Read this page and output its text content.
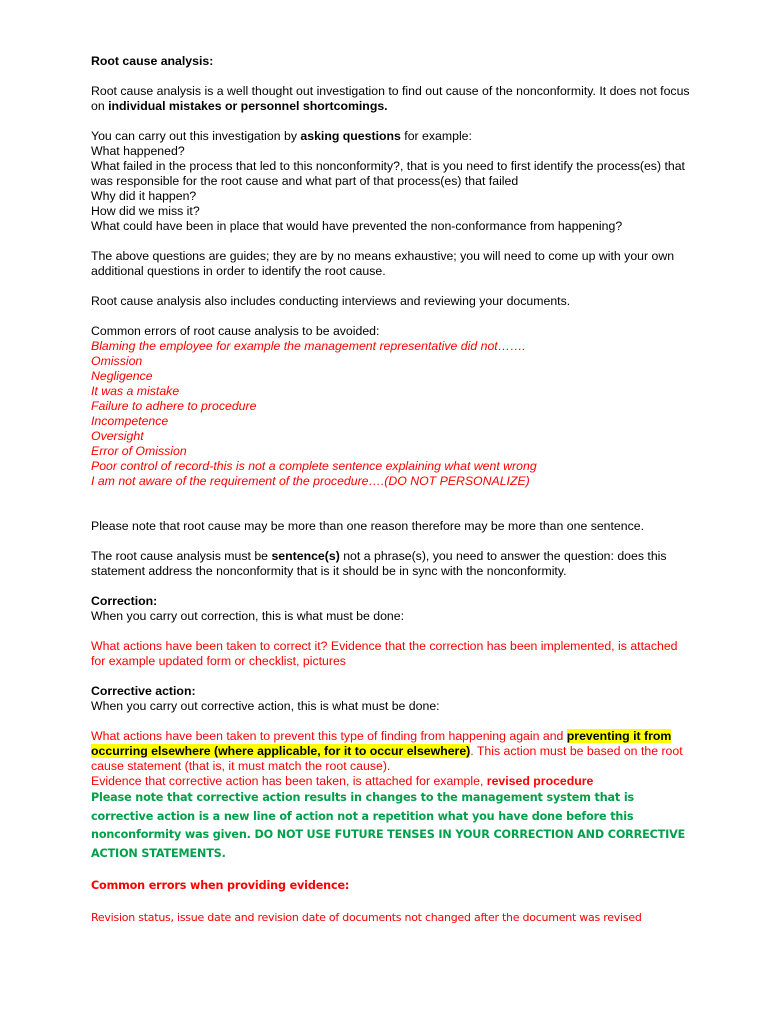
Root cause analysis:

Root cause analysis is a well thought out investigation to find out cause of the nonconformity. It does not focus on individual mistakes or personnel shortcomings.

You can carry out this investigation by asking questions for example:

What happened?

What failed in the process that led to this nonconformity?, that is you need to first identify the process(es) that was responsible for the root cause and what part of that process(es) that failed

Why did it happen?

How did we miss it?

What could have been in place that would have prevented the non-conformance from happening?

The above questions are guides; they are by no means exhaustive; you will need to come up with your own additional questions in order to identify the root cause.

Root cause analysis also includes conducting interviews and reviewing your documents.

Common errors of root cause analysis to be avoided:

Blaming the employee for example the management representative did not…….

Omission

Negligence

It was a mistake

Failure to adhere to procedure

Incompetence

Oversight

Error of Omission

Poor control of record-this is not a complete sentence explaining what went wrong

I am not aware of the requirement of the procedure….(DO NOT PERSONALIZE)

Please note that root cause may be more than one reason therefore may be more than one sentence.

The root cause analysis must be sentence(s) not a phrase(s), you need to answer the question: does this statement address the nonconformity that is it should be in sync with the nonconformity.

Correction:

When you carry out correction, this is what must be done:

What actions have been taken to correct it? Evidence that the correction has been implemented, is attached for example updated form or checklist, pictures

Corrective action:

When you carry out corrective action, this is what must be done:

What actions have been taken to prevent this type of finding from happening again and preventing it from occurring elsewhere (where applicable, for it to occur elsewhere). This action must be based on the root cause statement (that is, it must match the root cause).

Evidence that corrective action has been taken, is attached for example, revised procedure

Please note that corrective action results in changes to the management system that is corrective action is a new line of action not a repetition what you have done before this nonconformity was given. DO NOT USE FUTURE TENSES IN YOUR CORRECTION AND CORRECTIVE ACTION STATEMENTS.

Common errors when providing evidence:

Revision status, issue date and revision date of documents not changed after the document was revised
